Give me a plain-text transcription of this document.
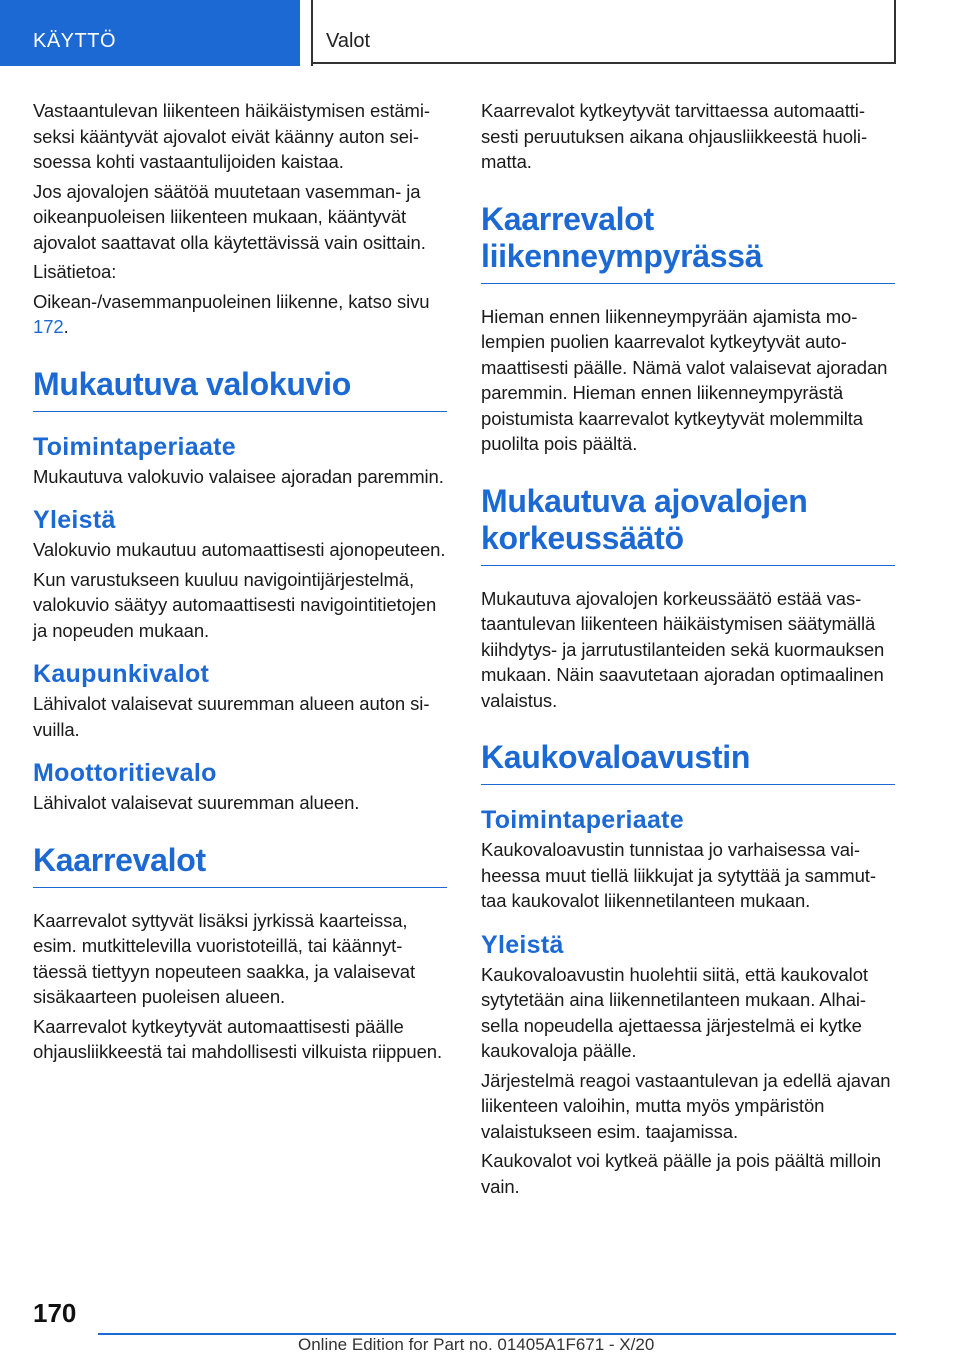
KÄYTTÖ	Valot

Vastaantulevan liikenteen häikäistymisen estämiseksi kääntyvät ajovalot eivät käänny auton seisoessa kohti vastaantulijoiden kaistaa.

Jos ajovalojen säätöä muutetaan vasemman- ja oikeanpuoleisen liikenteen mukaan, kääntyvät ajovalot saattavat olla käytettävissä vain osittain.

Lisätietoa:

Oikean-/vasemmanpuoleinen liikenne, katso sivu 172.

Mukautuva valokuvio
Toimintaperiaate

Mukautuva valokuvio valaisee ajoradan paremmin.

Yleistä

Valokuvio mukautuu automaattisesti ajonopeuteen.

Kun varustukseen kuuluu navigointijärjestelmä, valokuvio säätyy automaattisesti navigointitietojen ja nopeuden mukaan.

Kaupunkivalot

Lähivalot valaisevat suuremman alueen auton sivuilla.

Moottoritievalo

Lähivalot valaisevat suuremman alueen.

Kaarrevalot

Kaarrevalot syttyvät lisäksi jyrkissä kaarteissa, esim. mutkittelevilla vuoristoteillä, tai käännyttäessä tiettyyn nopeuteen saakka, ja valaisevat sisäkaarteen puoleisen alueen.

Kaarrevalot kytkeytyvät automaattisesti päälle ohjausliikkeestä tai mahdollisesti vilkuista riippuen.

Kaarrevalot kytkeytyvät tarvittaessa automaattisesti peruutuksen aikana ohjausliikkeestä huolimatta.

Kaarrevalot liikenneympyrässä

Hieman ennen liikenneympyrään ajamista molempien puolien kaarrevalot kytkeytyvät automaattisesti päälle. Nämä valot valaisevat ajoradan paremmin. Hieman ennen liikenneympyrästä poistumista kaarrevalot kytkeytyvät molemmilta puolilta pois päältä.

Mukautuva ajovalojen korkeussäätö

Mukautuva ajovalojen korkeussäätö estää vastaantulevan liikenteen häikäistymisen säätymällä kiihdytys- ja jarrutustilanteiden sekä kuormauksen mukaan. Näin saavutetaan ajoradan optimaalinen valaistus.

Kaukovaloavustin
Toimintaperiaate

Kaukovaloavustin tunnistaa jo varhaisessa vaiheessa muut tiellä liikkujat ja sytyttää ja sammuttaa kaukovalot liikennetilanteen mukaan.

Yleistä

Kaukovaloavustin huolehtii siitä, että kaukovalot sytytetään aina liikennetilanteen mukaan. Alhaisella nopeudella ajettaessa järjestelmä ei kytke kaukovaloja päälle.

Järjestelmä reagoi vastaantulevan ja edellä ajavan liikenteen valoihin, mutta myös ympäristön valaistukseen esim. taajamissa.

Kaukovalot voi kytkeä päälle ja pois päältä milloin vain.

170
Online Edition for Part no. 01405A1F671 - X/20
